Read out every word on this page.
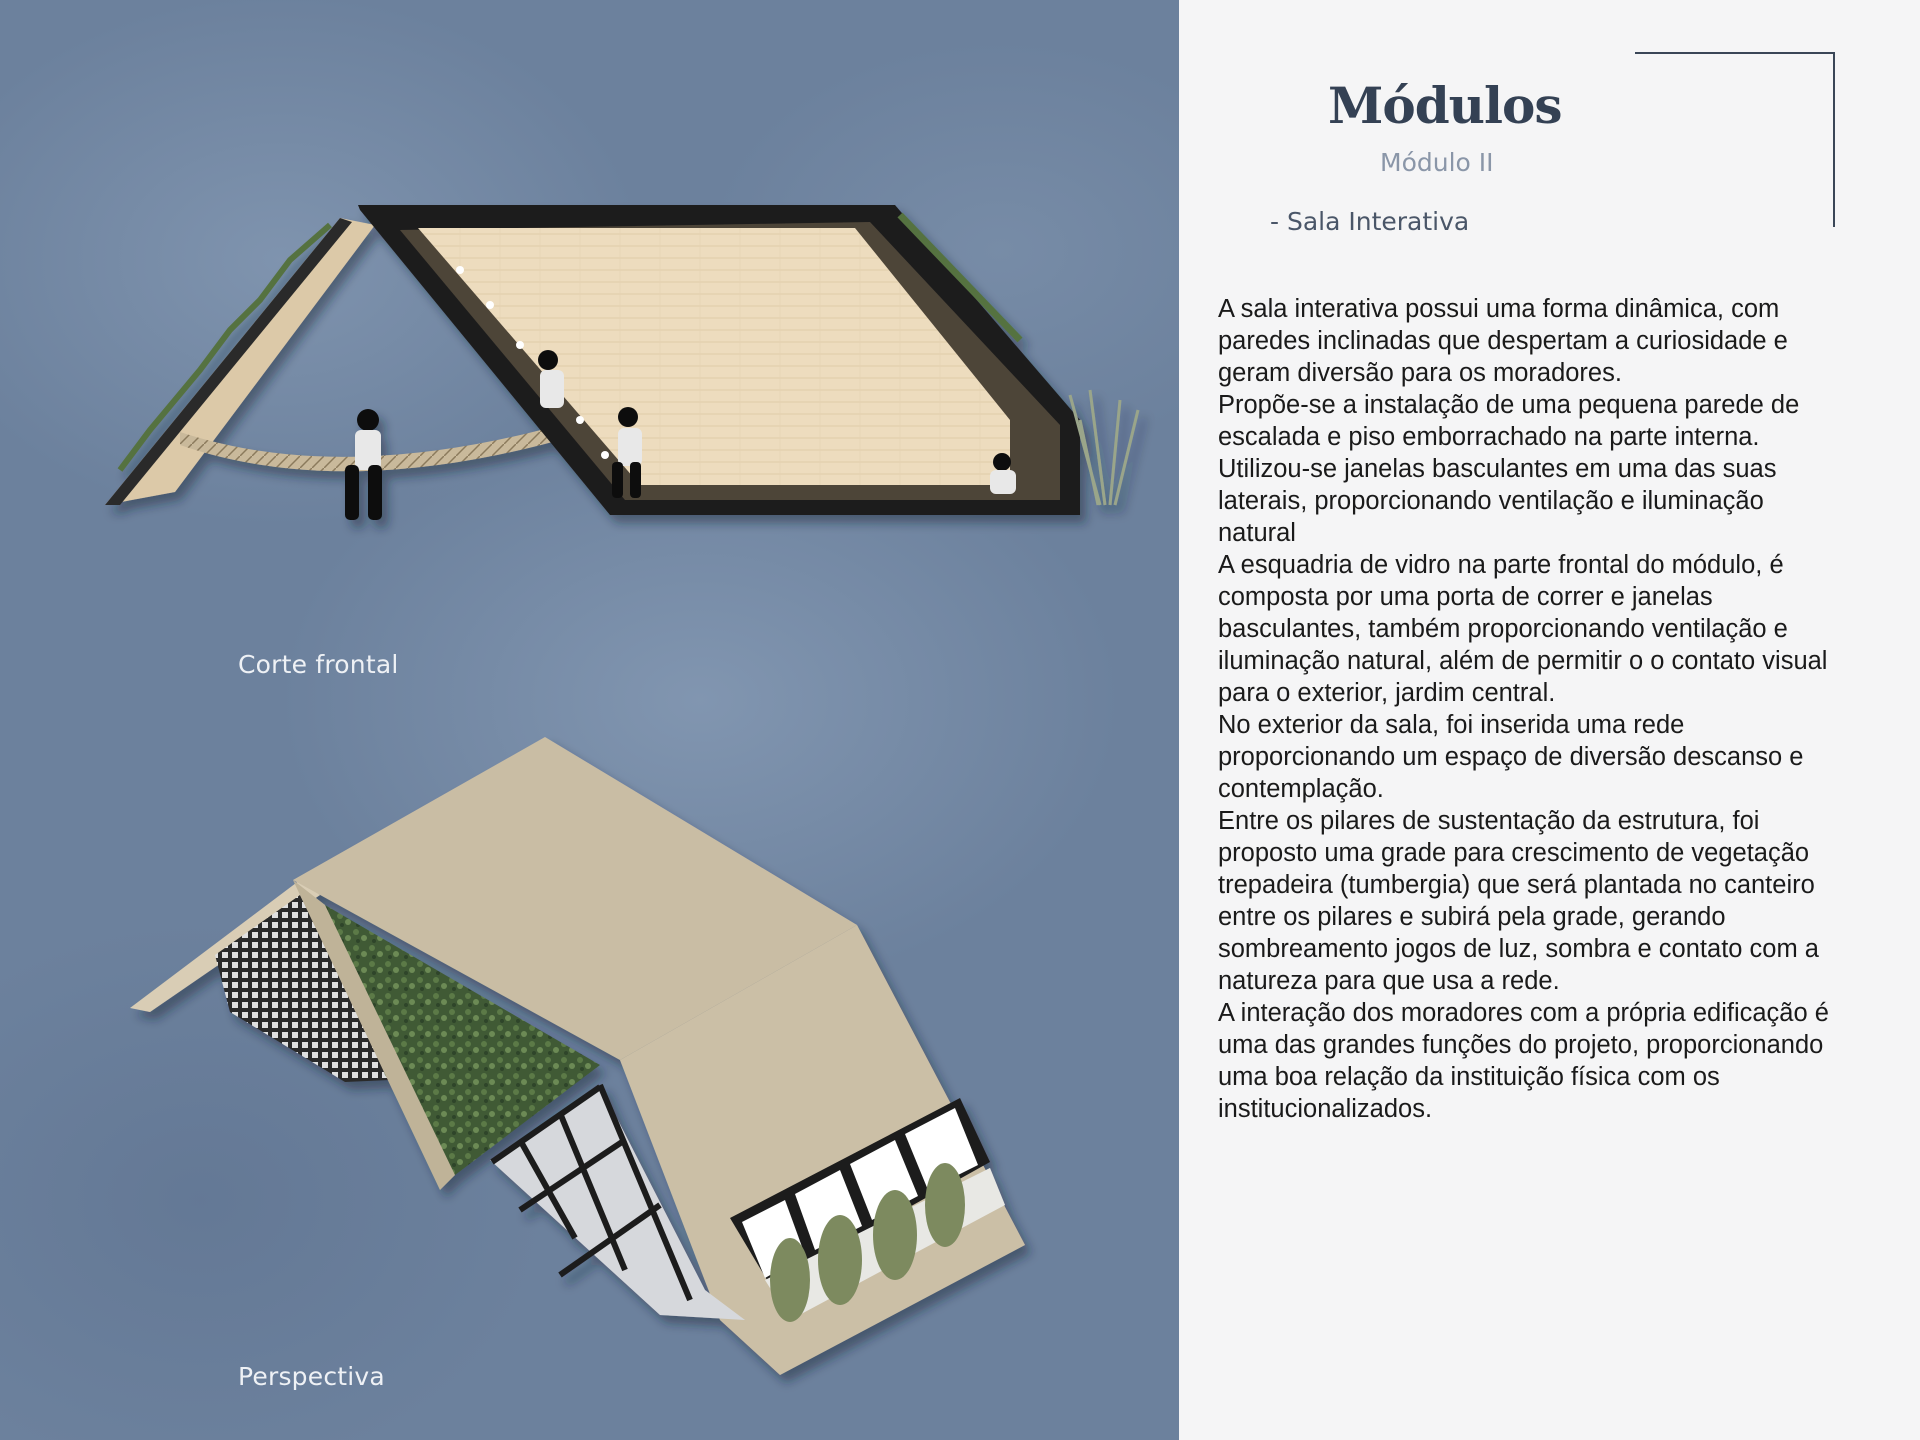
Corte frontal
Perspectiva
Módulos
Módulo II
- Sala Interativa

A sala interativa possui uma forma dinâmica, com paredes inclinadas que despertam a curiosidade e geram diversão para os moradores.

Propõe-se a instalação de uma pequena parede de escalada e piso emborrachado na parte interna.

Utilizou-se janelas basculantes em uma das suas laterais, proporcionando ventilação e iluminação natural

A esquadria de vidro na parte frontal do módulo, é composta por uma porta de correr e janelas basculantes, também proporcionando ventilação e iluminação natural, além de permitir o o contato visual para o exterior, jardim central.

No exterior da sala, foi inserida uma rede proporcionando um espaço de diversão descanso e contemplação.

Entre os pilares de sustentação da estrutura, foi proposto uma grade para crescimento de vegetação trepadeira (tumbergia) que será plantada no canteiro entre os pilares e subirá pela grade, gerando sombreamento jogos de luz, sombra e contato com a natureza para que usa a rede.

A interação dos moradores com a própria edificação é uma das grandes funções do projeto, proporcionando uma boa relação da instituição física com os institucionalizados.
